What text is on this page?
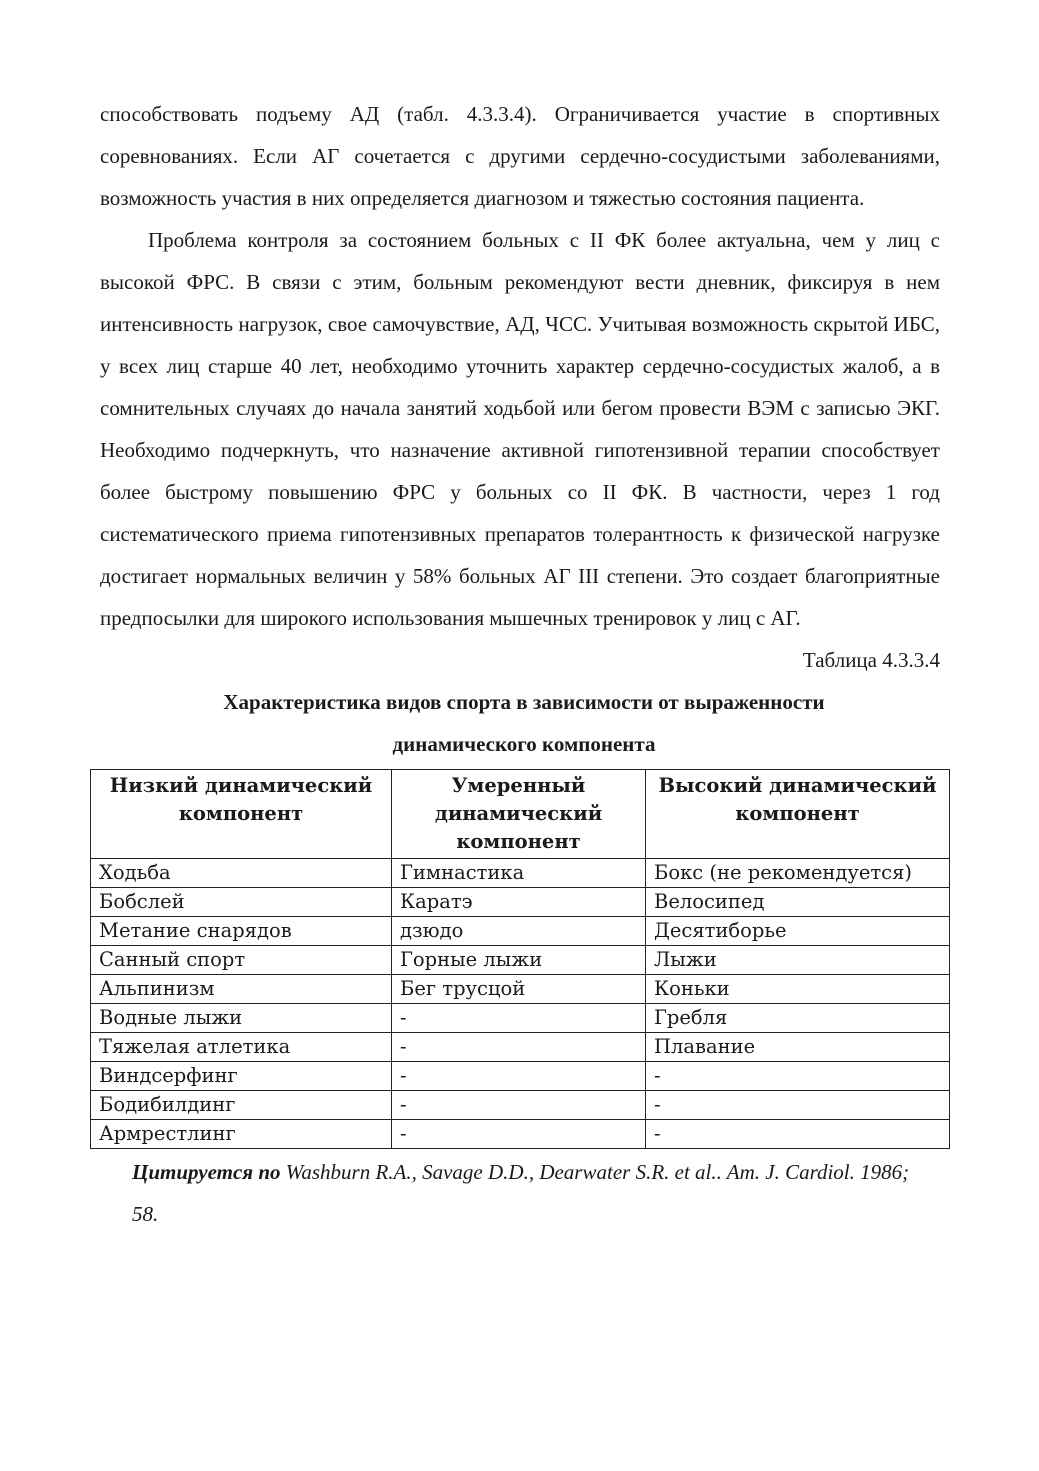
способствовать подъему АД (табл. 4.3.3.4). Ограничивается участие в спортивных соревнованиях. Если АГ сочетается с другими сердечно-сосудистыми заболеваниями, возможность участия в них определяется диагнозом и тяжестью состояния пациента.

Проблема контроля за состоянием больных с II ФК более актуальна, чем у лиц с высокой ФРС. В связи с этим, больным рекомендуют вести дневник, фиксируя в нем интенсивность нагрузок, свое самочувствие, АД, ЧСС. Учитывая возможность скрытой ИБС, у всех лиц старше 40 лет, необходимо уточнить характер сердечно-сосудистых жалоб, а в сомнительных случаях до начала занятий ходьбой или бегом провести ВЭМ с записью ЭКГ. Необходимо подчеркнуть, что назначение активной гипотензивной терапии способствует более быстрому повышению ФРС у больных со II ФК. В частности, через 1 год систематического приема гипотензивных препаратов толерантность к физической нагрузке достигает нормальных величин у 58% больных АГ III степени. Это создает благоприятные предпосылки для широкого использования мышечных тренировок у лиц с АГ.

Таблица 4.3.3.4

Характеристика видов спорта в зависимости от выраженности
динамического компонента
Низкий динамический компонент	Умеренный динамический компонент	Высокий динамический компонент
Ходьба	Гимнастика	Бокс (не рекомендуется)
Бобслей	Каратэ	Велосипед
Метание снарядов	дзюдо	Десятиборье
Санный спорт	Горные лыжи	Лыжи
Альпинизм	Бег трусцой	Коньки
Водные лыжи	-	Гребля
Тяжелая атлетика	-	Плавание
Виндсерфинг	-	-
Бодибилдинг	-	-
Армрестлинг	-	-

Цитируется по Washburn R.A., Savage D.D., Dearwater S.R. et al.. Am. J. Cardiol. 1986; 58.
